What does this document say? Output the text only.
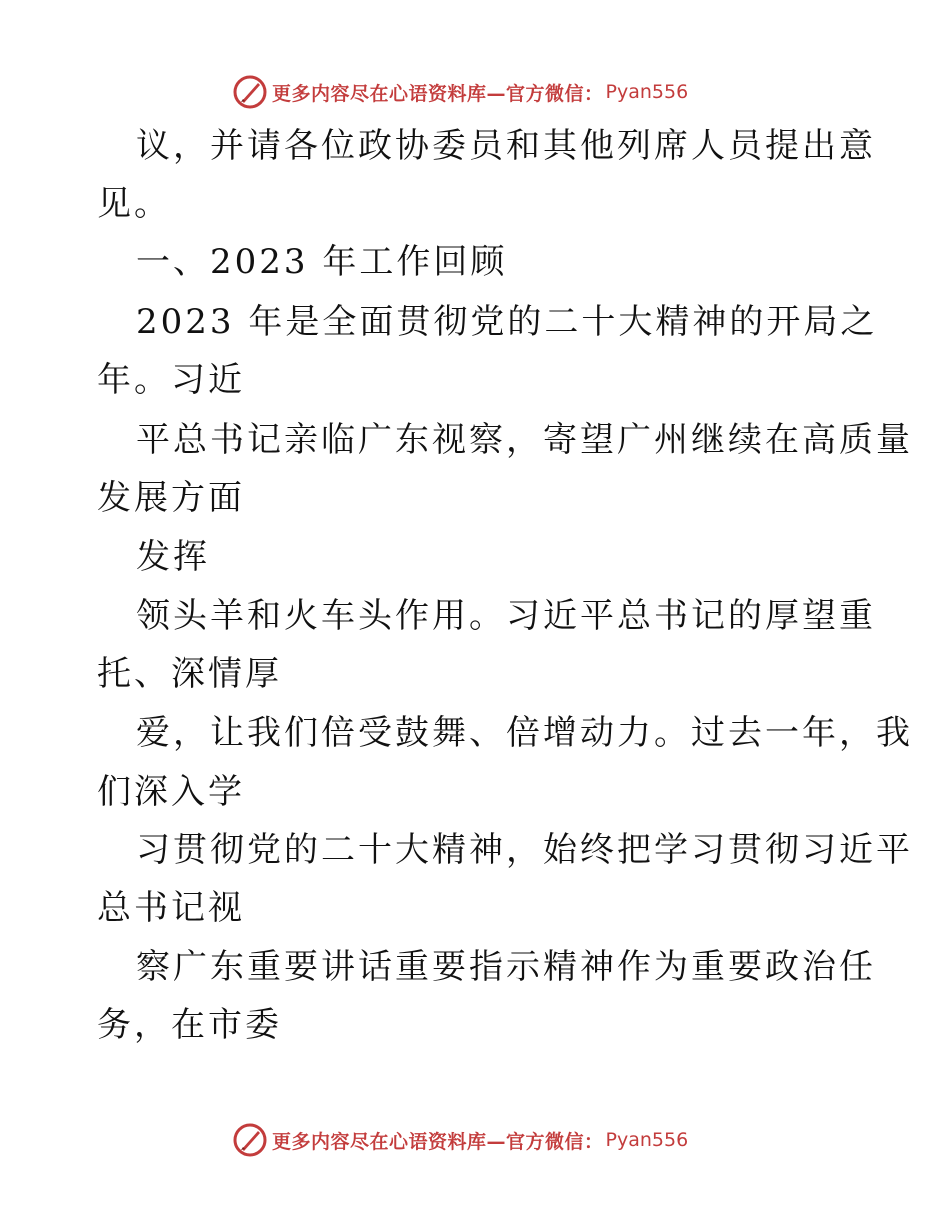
更多内容尽在心语资料库—官方微信： Pyan556
议，并请各位政协委员和其他列席人员提出意
见。
一、2023 年工作回顾
2023 年是全面贯彻党的二十大精神的开局之
年。习近
平总书记亲临广东视察，寄望广州继续在高质量
发展方面
发挥
领头羊和火车头作用。习近平总书记的厚望重
托、深情厚
爱，让我们倍受鼓舞、倍增动力。过去一年，我
们深入学
习贯彻党的二十大精神，始终把学习贯彻习近平
总书记视
察广东重要讲话重要指示精神作为重要政治任
务，在市委
更多内容尽在心语资料库—官方微信： Pyan556
